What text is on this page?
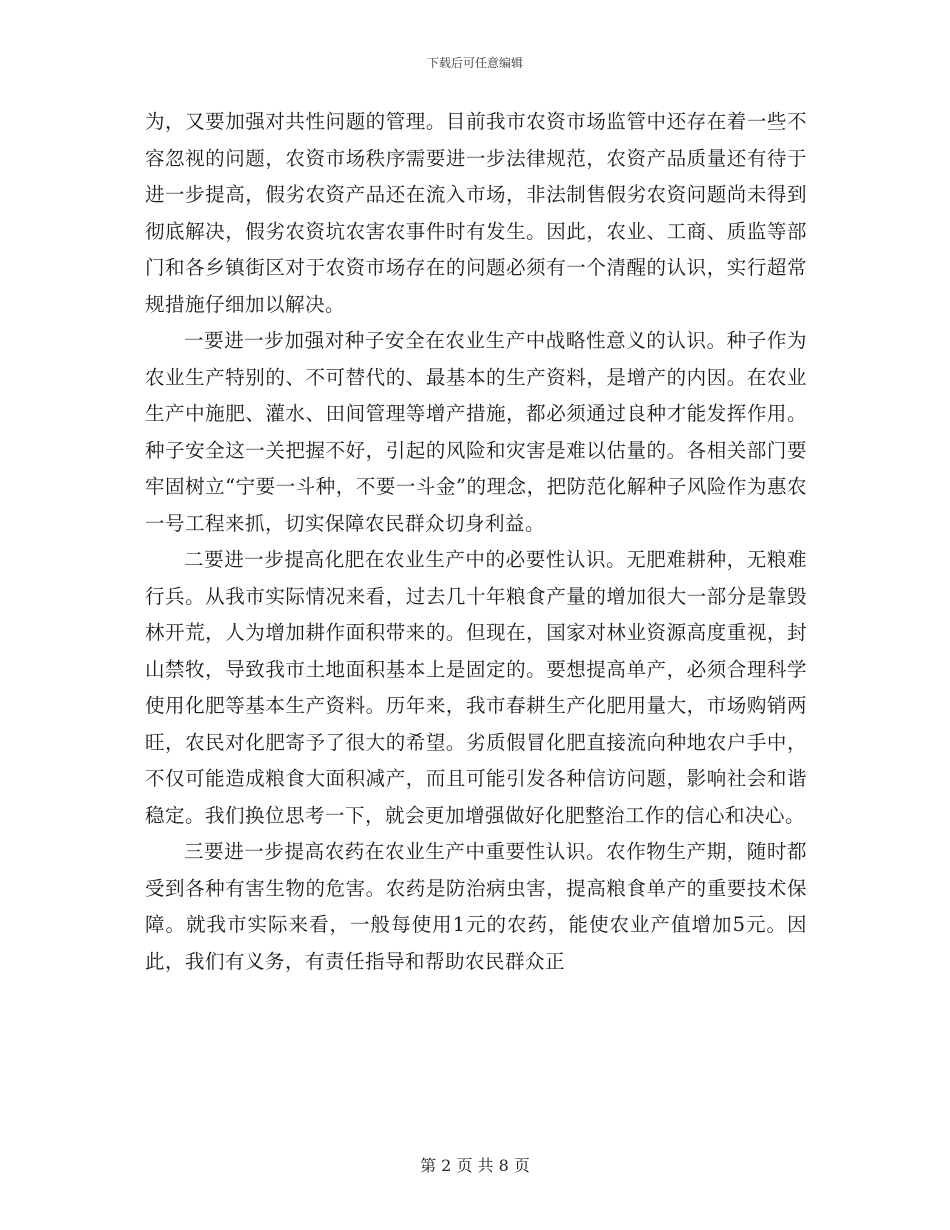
下载后可任意编辑

为，又要加强对共性问题的管理。目前我市农资市场监管中还存在着一些不容忽视的问题，农资市场秩序需要进一步法律规范，农资产品质量还有待于进一步提高，假劣农资产品还在流入市场，非法制售假劣农资问题尚未得到彻底解决，假劣农资坑农害农事件时有发生。因此，农业、工商、质监等部门和各乡镇街区对于农资市场存在的问题必须有一个清醒的认识，实行超常规措施仔细加以解决。

一要进一步加强对种子安全在农业生产中战略性意义的认识。种子作为农业生产特别的、不可替代的、最基本的生产资料，是增产的内因。在农业生产中施肥、灌水、田间管理等增产措施，都必须通过良种才能发挥作用。种子安全这一关把握不好，引起的风险和灾害是难以估量的。各相关部门要牢固树立“宁要一斗种，不要一斗金”的理念，把防范化解种子风险作为惠农一号工程来抓，切实保障农民群众切身利益。

二要进一步提高化肥在农业生产中的必要性认识。无肥难耕种，无粮难行兵。从我市实际情况来看，过去几十年粮食产量的增加很大一部分是靠毁林开荒，人为增加耕作面积带来的。但现在，国家对林业资源高度重视，封山禁牧，导致我市土地面积基本上是固定的。要想提高单产，必须合理科学使用化肥等基本生产资料。历年来，我市春耕生产化肥用量大，市场购销两旺，农民对化肥寄予了很大的希望。劣质假冒化肥直接流向种地农户手中，不仅可能造成粮食大面积减产，而且可能引发各种信访问题，影响社会和谐稳定。我们换位思考一下，就会更加增强做好化肥整治工作的信心和决心。

三要进一步提高农药在农业生产中重要性认识。农作物生产期，随时都受到各种有害生物的危害。农药是防治病虫害，提高粮食单产的重要技术保障。就我市实际来看，一般每使用1元的农药，能使农业产值增加5元。因此，我们有义务，有责任指导和帮助农民群众正

第 2 页 共 8 页
